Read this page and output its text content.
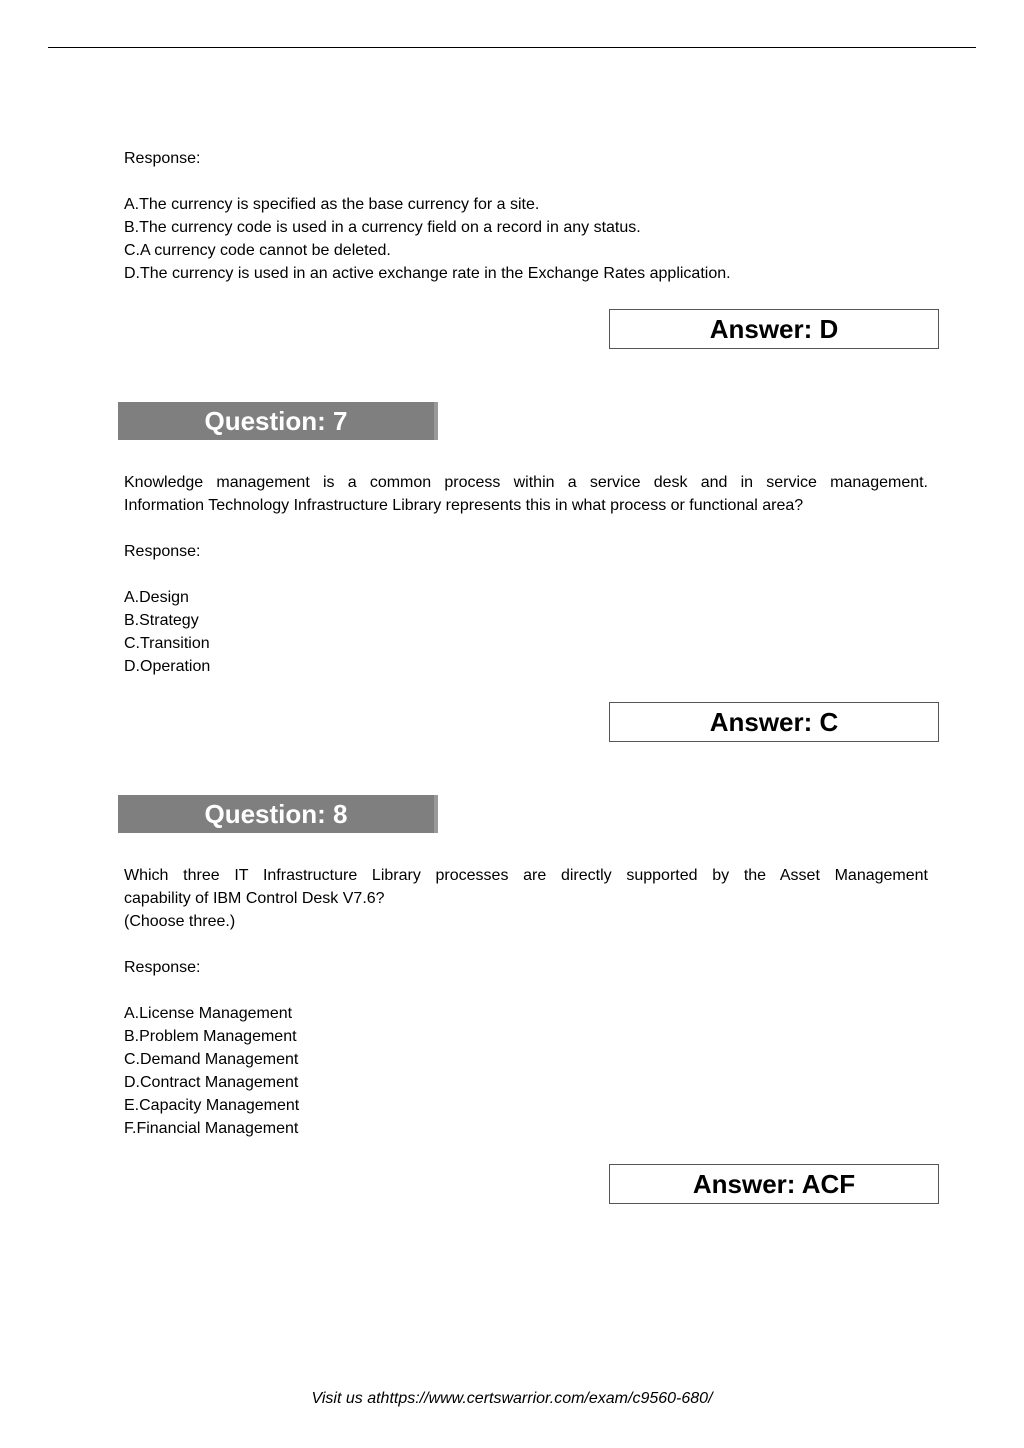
Response:
A.The currency is specified as the base currency for a site.
B.The currency code is used in a currency field on a record in any status.
C.A currency code cannot be deleted.
D.The currency is used in an active exchange rate in the Exchange Rates application.
Answer: D
Question: 7
Knowledge management is a common process within a service desk and in service management.
Information Technology Infrastructure Library represents this in what process or functional area?
Response:
A.Design
B.Strategy
C.Transition
D.Operation
Answer: C
Question: 8
Which three IT Infrastructure Library processes are directly supported by the Asset Management
capability of IBM Control Desk V7.6?
(Choose three.)
Response:
A.License Management
B.Problem Management
C.Demand Management
D.Contract Management
E.Capacity Management
F.Financial Management
Answer: ACF
Visit us athttps://www.certswarrior.com/exam/c9560-680/
